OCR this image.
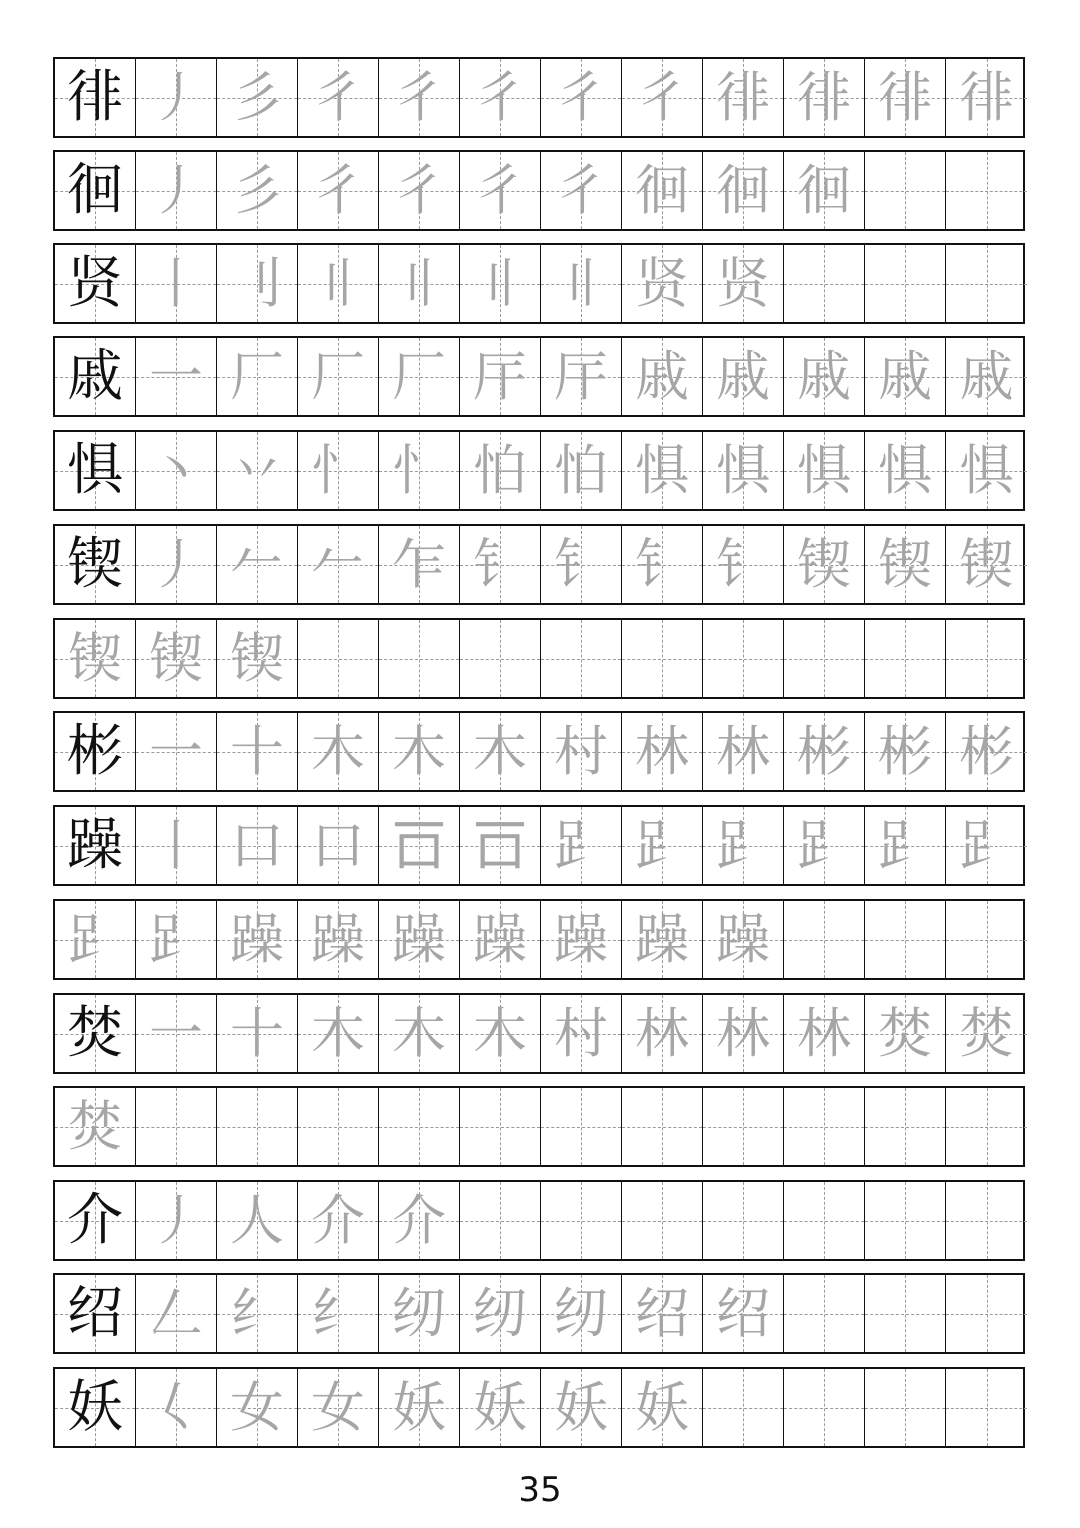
徘 丿 彡 彳 彳 彳 彳 彳 徘 徘 徘 徘
徊 丿 彡 彳 彳 彳 彳 徊 徊 徊
贤 丨 刂 〢 〢 〢 〢 贤 贤
戚 一 厂 厂 厂 厈 厈 戚 戚 戚 戚 戚
惧 丶 丷 忄 忄 怕 怕 惧 惧 惧 惧 惧
锲 丿 𠂉 𠂉 乍 钅 钅 钅 钅 锲 锲 锲
锲 锲 锲
彬 一 十 木 木 木 村 林 林 彬 彬 彬
躁 丨 口 口 𠮛 𠮛 𧾷 𧾷 𧾷 𧾷 𧾷 𧾷
𧾷 𧾷 躁 躁 躁 躁 躁 躁 躁
焚 一 十 木 木 木 村 林 林 林 焚 焚
焚
介 丿 人 介 介
绍 𠃋 纟 纟 纫 纫 纫 绍 绍
妖 𡿨 女 女 妖 妖 妖 妖
35
